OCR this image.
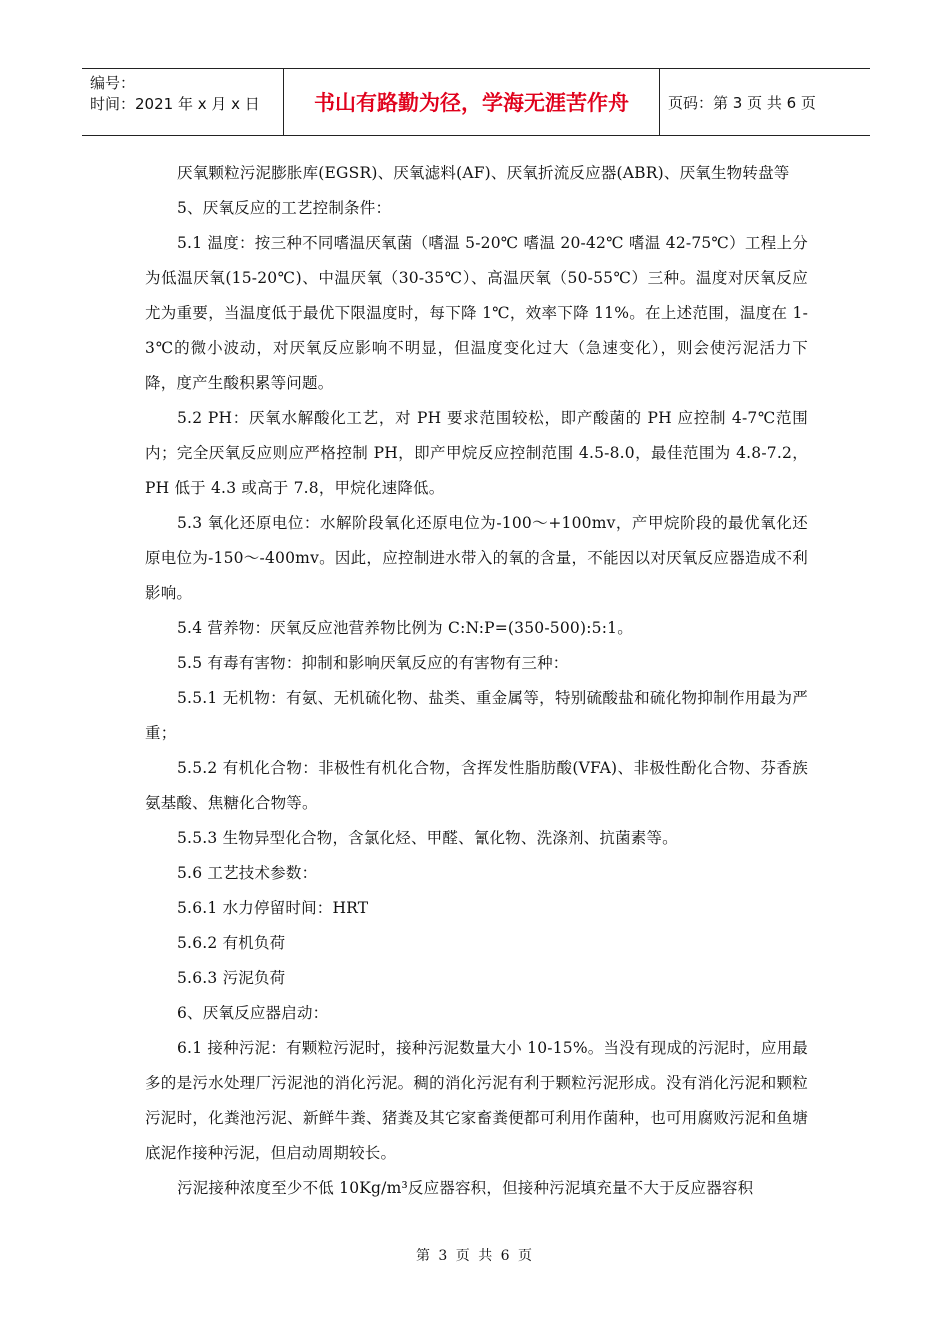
编号：
时间：2021 年 x 月 x 日	书山有路勤为径，学海无涯苦作舟	页码：第 3 页 共 6 页

厌氧颗粒污泥膨胀库(EGSR)、厌氧滤料(AF)、厌氧折流反应器(ABR)、厌氧生物转盘等

5、厌氧反应的工艺控制条件：

5.1 温度：按三种不同嗜温厌氧菌（嗜温 5-20℃ 嗜温 20-42℃ 嗜温 42-75℃）工程上分为低温厌氧(15-20℃)、中温厌氧（30-35℃）、高温厌氧（50-55℃）三种。温度对厌氧反应尤为重要，当温度低于最优下限温度时，每下降 1℃，效率下降 11%。在上述范围，温度在 1-3℃的微小波动，对厌氧反应影响不明显，但温度变化过大（急速变化），则会使污泥活力下降，度产生酸积累等问题。

5.2 PH：厌氧水解酸化工艺，对 PH 要求范围较松，即产酸菌的 PH 应控制 4-7℃范围内；完全厌氧反应则应严格控制 PH，即产甲烷反应控制范围 4.5-8.0，最佳范围为 4.8-7.2，PH 低于 4.3 或高于 7.8，甲烷化速降低。

5.3 氧化还原电位：水解阶段氧化还原电位为-100～+100mv，产甲烷阶段的最优氧化还原电位为-150～-400mv。因此，应控制进水带入的氧的含量，不能因以对厌氧反应器造成不利影响。

5.4 营养物：厌氧反应池营养物比例为 C:N:P=(350-500):5:1。

5.5 有毒有害物：抑制和影响厌氧反应的有害物有三种：

5.5.1 无机物：有氨、无机硫化物、盐类、重金属等，特别硫酸盐和硫化物抑制作用最为严重；

5.5.2 有机化合物：非极性有机化合物，含挥发性脂肪酸(VFA)、非极性酚化合物、芬香族氨基酸、焦糖化合物等。

5.5.3 生物异型化合物，含氯化烃、甲醛、氰化物、洗涤剂、抗菌素等。

5.6 工艺技术参数：

5.6.1 水力停留时间：HRT

5.6.2 有机负荷

5.6.3 污泥负荷

6、厌氧反应器启动：

6.1 接种污泥：有颗粒污泥时，接种污泥数量大小 10-15%。当没有现成的污泥时，应用最多的是污水处理厂污泥池的消化污泥。稠的消化污泥有利于颗粒污泥形成。没有消化污泥和颗粒污泥时，化粪池污泥、新鲜牛粪、猪粪及其它家畜粪便都可利用作菌种，也可用腐败污泥和鱼塘底泥作接种污泥，但启动周期较长。

污泥接种浓度至少不低 10Kg/m³反应器容积，但接种污泥填充量不大于反应器容积

第 3 页 共 6 页
